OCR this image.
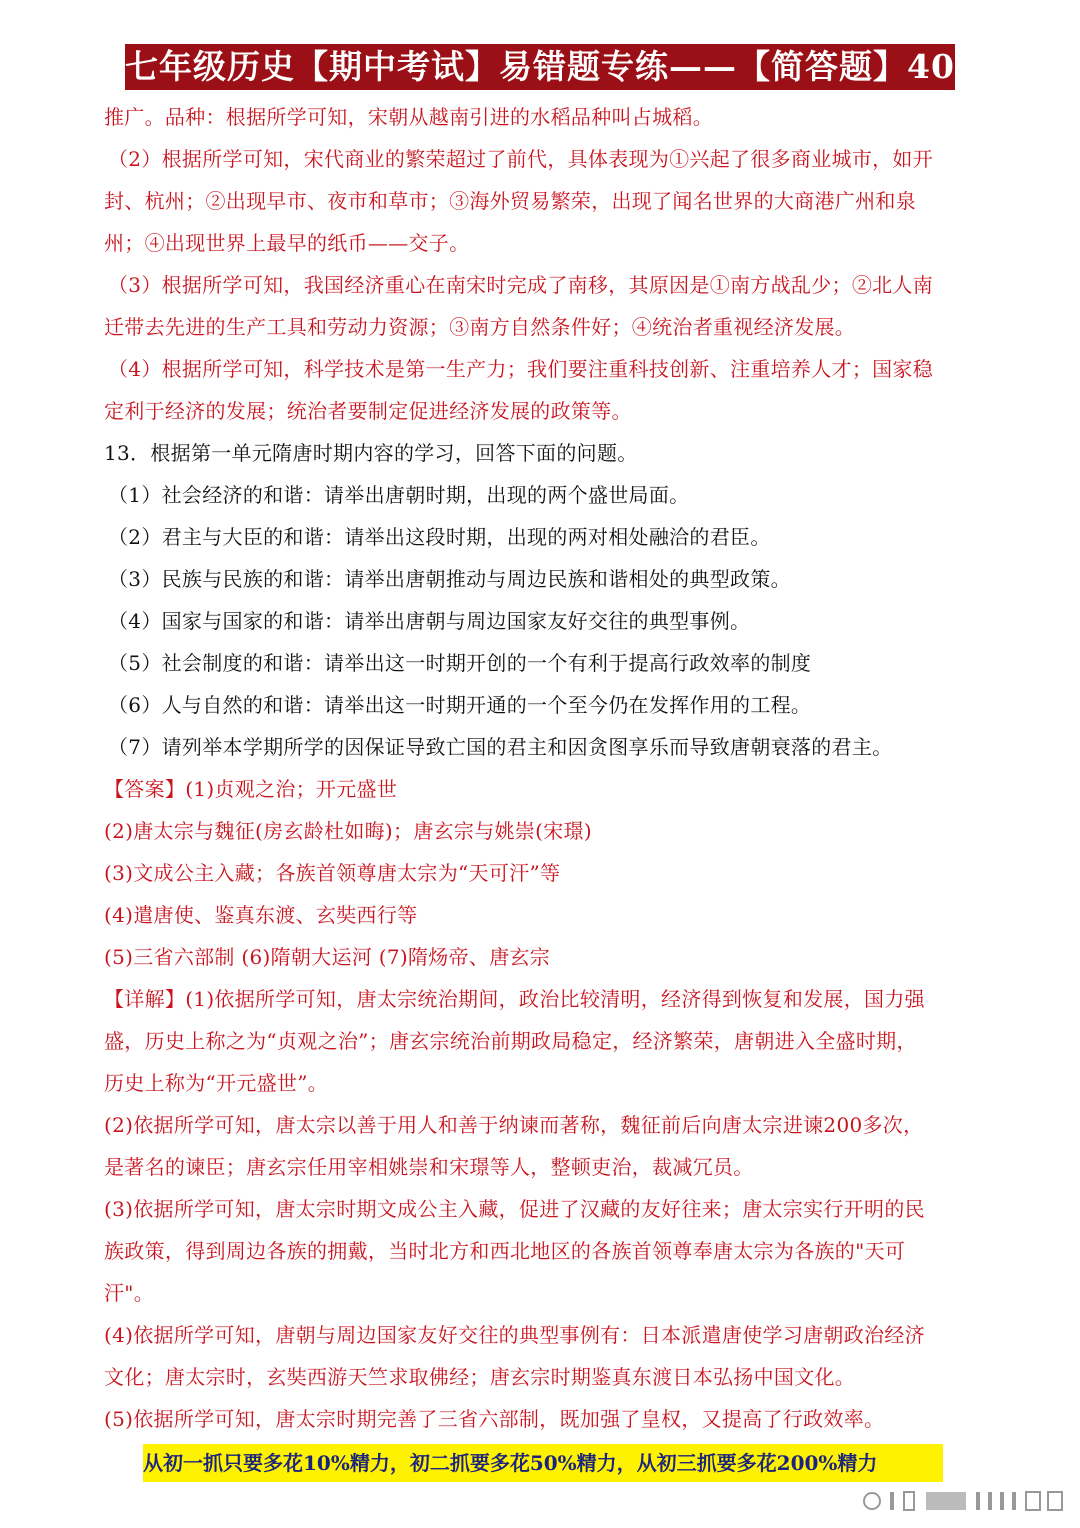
七年级历史【期中考试】易错题专练——【简答题】40题

推广。品种：根据所学可知，宋朝从越南引进的水稻品种叫占城稻。

（2）根据所学可知，宋代商业的繁荣超过了前代，具体表现为①兴起了很多商业城市，如开

封、杭州；②出现早市、夜市和草市；③海外贸易繁荣，出现了闻名世界的大商港广州和泉

州；④出现世界上最早的纸币——交子。

（3）根据所学可知，我国经济重心在南宋时完成了南移，其原因是①南方战乱少；②北人南

迁带去先进的生产工具和劳动力资源；③南方自然条件好；④统治者重视经济发展。

（4）根据所学可知，科学技术是第一生产力；我们要注重科技创新、注重培养人才；国家稳

定利于经济的发展；统治者要制定促进经济发展的政策等。

13．根据第一单元隋唐时期内容的学习，回答下面的问题。

（1）社会经济的和谐：请举出唐朝时期，出现的两个盛世局面。

（2）君主与大臣的和谐：请举出这段时期，出现的两对相处融洽的君臣。

（3）民族与民族的和谐：请举出唐朝推动与周边民族和谐相处的典型政策。

（4）国家与国家的和谐：请举出唐朝与周边国家友好交往的典型事例。

（5）社会制度的和谐：请举出这一时期开创的一个有利于提高行政效率的制度

（6）人与自然的和谐：请举出这一时期开通的一个至今仍在发挥作用的工程。

（7）请列举本学期所学的因保证导致亡国的君主和因贪图享乐而导致唐朝衰落的君主。

【答案】(1)贞观之治；开元盛世

(2)唐太宗与魏征(房玄龄杜如晦)；唐玄宗与姚崇(宋璟)

(3)文成公主入藏；各族首领尊唐太宗为“天可汗”等

(4)遣唐使、鉴真东渡、玄奘西行等

(5)三省六部制 (6)隋朝大运河 (7)隋炀帝、唐玄宗

【详解】(1)依据所学可知，唐太宗统治期间，政治比较清明，经济得到恢复和发展，国力强

盛，历史上称之为“贞观之治”；唐玄宗统治前期政局稳定，经济繁荣，唐朝进入全盛时期，

历史上称为“开元盛世”。

(2)依据所学可知，唐太宗以善于用人和善于纳谏而著称，魏征前后向唐太宗进谏200多次，

是著名的谏臣；唐玄宗任用宰相姚崇和宋璟等人，整顿吏治，裁减冗员。

(3)依据所学可知，唐太宗时期文成公主入藏，促进了汉藏的友好往来；唐太宗实行开明的民

族政策，得到周边各族的拥戴，当时北方和西北地区的各族首领尊奉唐太宗为各族的"天可

汗"。

(4)依据所学可知，唐朝与周边国家友好交往的典型事例有：日本派遣唐使学习唐朝政治经济

文化；唐太宗时，玄奘西游天竺求取佛经；唐玄宗时期鉴真东渡日本弘扬中国文化。

(5)依据所学可知，唐太宗时期完善了三省六部制，既加强了皇权，又提高了行政效率。

从初一抓只要多花10%精力，初二抓要多花50%精力，从初三抓要多花200%精力
